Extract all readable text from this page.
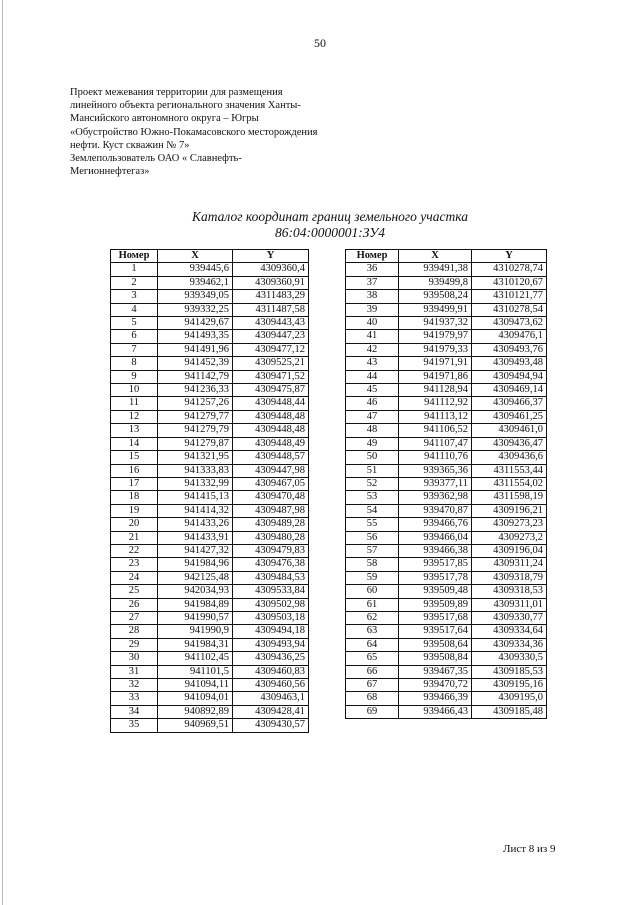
50
Проект межевания территории для размещения
линейного объекта регионального значения Ханты-
Мансийского автономного округа – Югры
«Обустройство Южно-Покамасовского месторождения
нефти. Куст скважин № 7»
Землепользователь ОАО « Славнефть-
Мегионнефтегаз»
Каталог координат границ земельного участка
86:04:0000001:ЗУ4
Номер	X	Y
1	939445,6	4309360,4
2	939462,1	4309360,91
3	939349,05	4311483,29
4	939332,25	4311487,58
5	941429,67	4309443,43
6	941493,35	4309447,23
7	941491,96	4309477,12
8	941452,39	4309525,21
9	941142,79	4309471,52
10	941236,33	4309475,87
11	941257,26	4309448,44
12	941279,77	4309448,48
13	941279,79	4309448,48
14	941279,87	4309448,49
15	941321,95	4309448,57
16	941333,83	4309447,98
17	941332,99	4309467,05
18	941415,13	4309470,48
19	941414,32	4309487,98
20	941433,26	4309489,28
21	941433,91	4309480,28
22	941427,32	4309479,83
23	941984,96	4309476,38
24	942125,48	4309484,53
25	942034,93	4309533,84
26	941984,89	4309502,98
27	941990,57	4309503,18
28	941990,9	4309494,18
29	941984,31	4309493,94
30	941102,45	4309436,25
31	941101,5	4309460,83
32	941094,11	4309460,56
33	941094,01	4309463,1
34	940892,89	4309428,41
35	940969,51	4309430,57
Номер	X	Y
36	939491,38	4310278,74
37	939499,8	4310120,67
38	939508,24	4310121,77
39	939499,91	4310278,54
40	941937,32	4309473,62
41	941979,97	4309476,1
42	941979,33	4309493,76
43	941971,91	4309493,48
44	941971,86	4309494,94
45	941128,94	4309469,14
46	941112,92	4309466,37
47	941113,12	4309461,25
48	941106,52	4309461,0
49	941107,47	4309436,47
50	941110,76	4309436,6
51	939365,36	4311553,44
52	939377,11	4311554,02
53	939362,98	4311598,19
54	939470,87	4309196,21
55	939466,76	4309273,23
56	939466,04	4309273,2
57	939466,38	4309196,04
58	939517,85	4309311,24
59	939517,78	4309318,79
60	939509,48	4309318,53
61	939509,89	4309311,01
62	939517,68	4309330,77
63	939517,64	4309334,64
64	939508,64	4309334,36
65	939508,84	4309330,5
66	939467,35	4309185,53
67	939470,72	4309195,16
68	939466,39	4309195,0
69	939466,43	4309185,48
Лист 8 из 9
